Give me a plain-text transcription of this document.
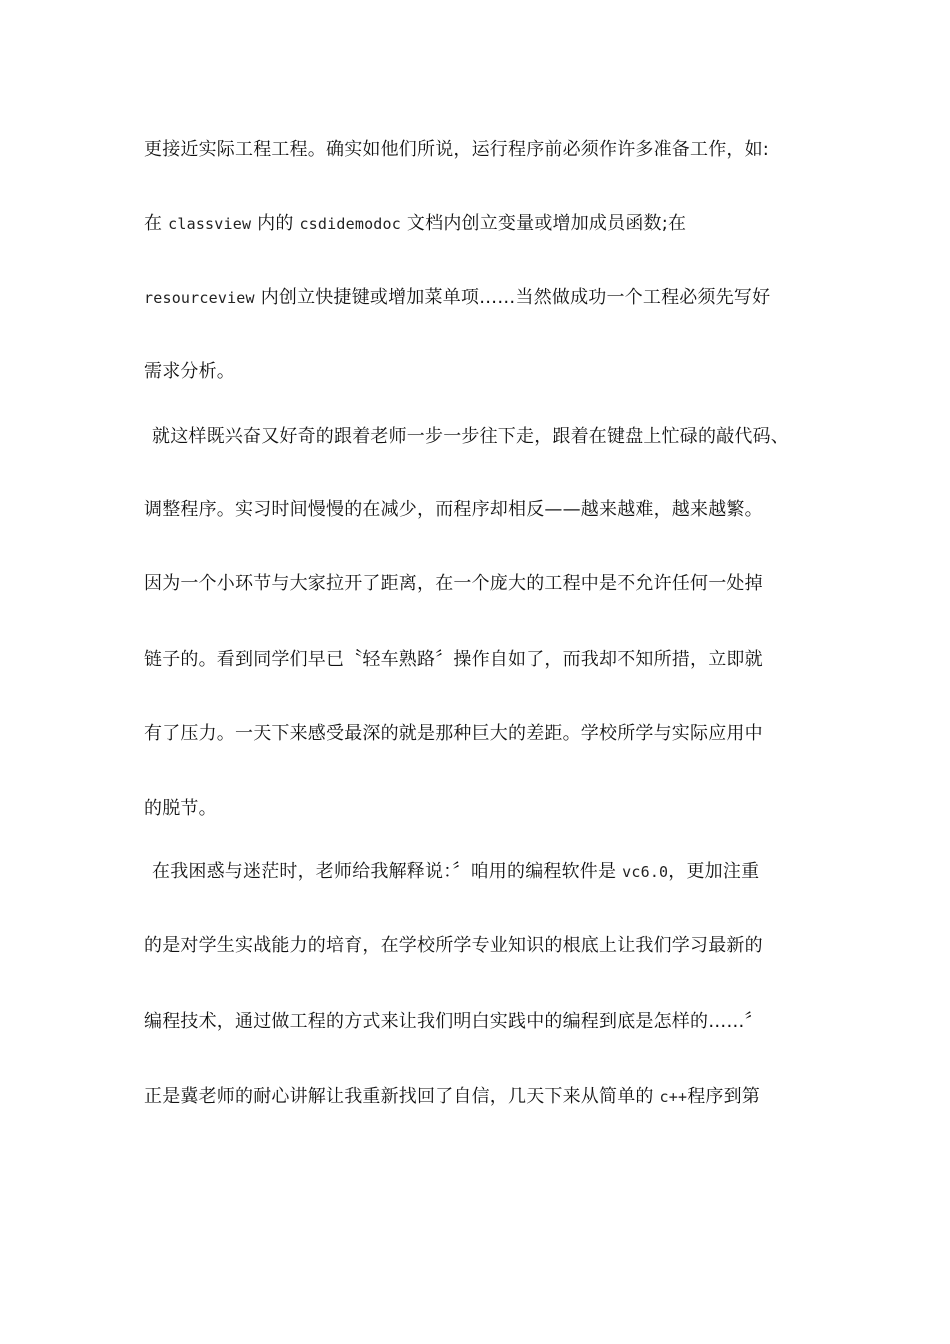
更接近实际工程工程。确实如他们所说，运行程序前必须作许多准备工作，如:
在 classview 内的 csdidemodoc 文档内创立变量或增加成员函数;在
resourceview 内创立快捷键或增加菜单项……当然做成功一个工程必须先写好
需求分析。
就这样既兴奋又好奇的跟着老师一步一步往下走，跟着在键盘上忙碌的敲代码、
调整程序。实习时间慢慢的在减少，而程序却相反——越来越难，越来越繁。
因为一个小环节与大家拉开了距离，在一个庞大的工程中是不允许任何一处掉
链子的。看到同学们早已〝轻车熟路〞操作自如了，而我却不知所措，立即就
有了压力。一天下来感受最深的就是那种巨大的差距。学校所学与实际应用中
的脱节。
在我困惑与迷茫时，老师给我解释说：〞咱用的编程软件是 vc6.0，更加注重
的是对学生实战能力的培育，在学校所学专业知识的根底上让我们学习最新的
编程技术，通过做工程的方式来让我们明白实践中的编程到底是怎样的……〞
正是冀老师的耐心讲解让我重新找回了自信，几天下来从简单的 c++程序到第
